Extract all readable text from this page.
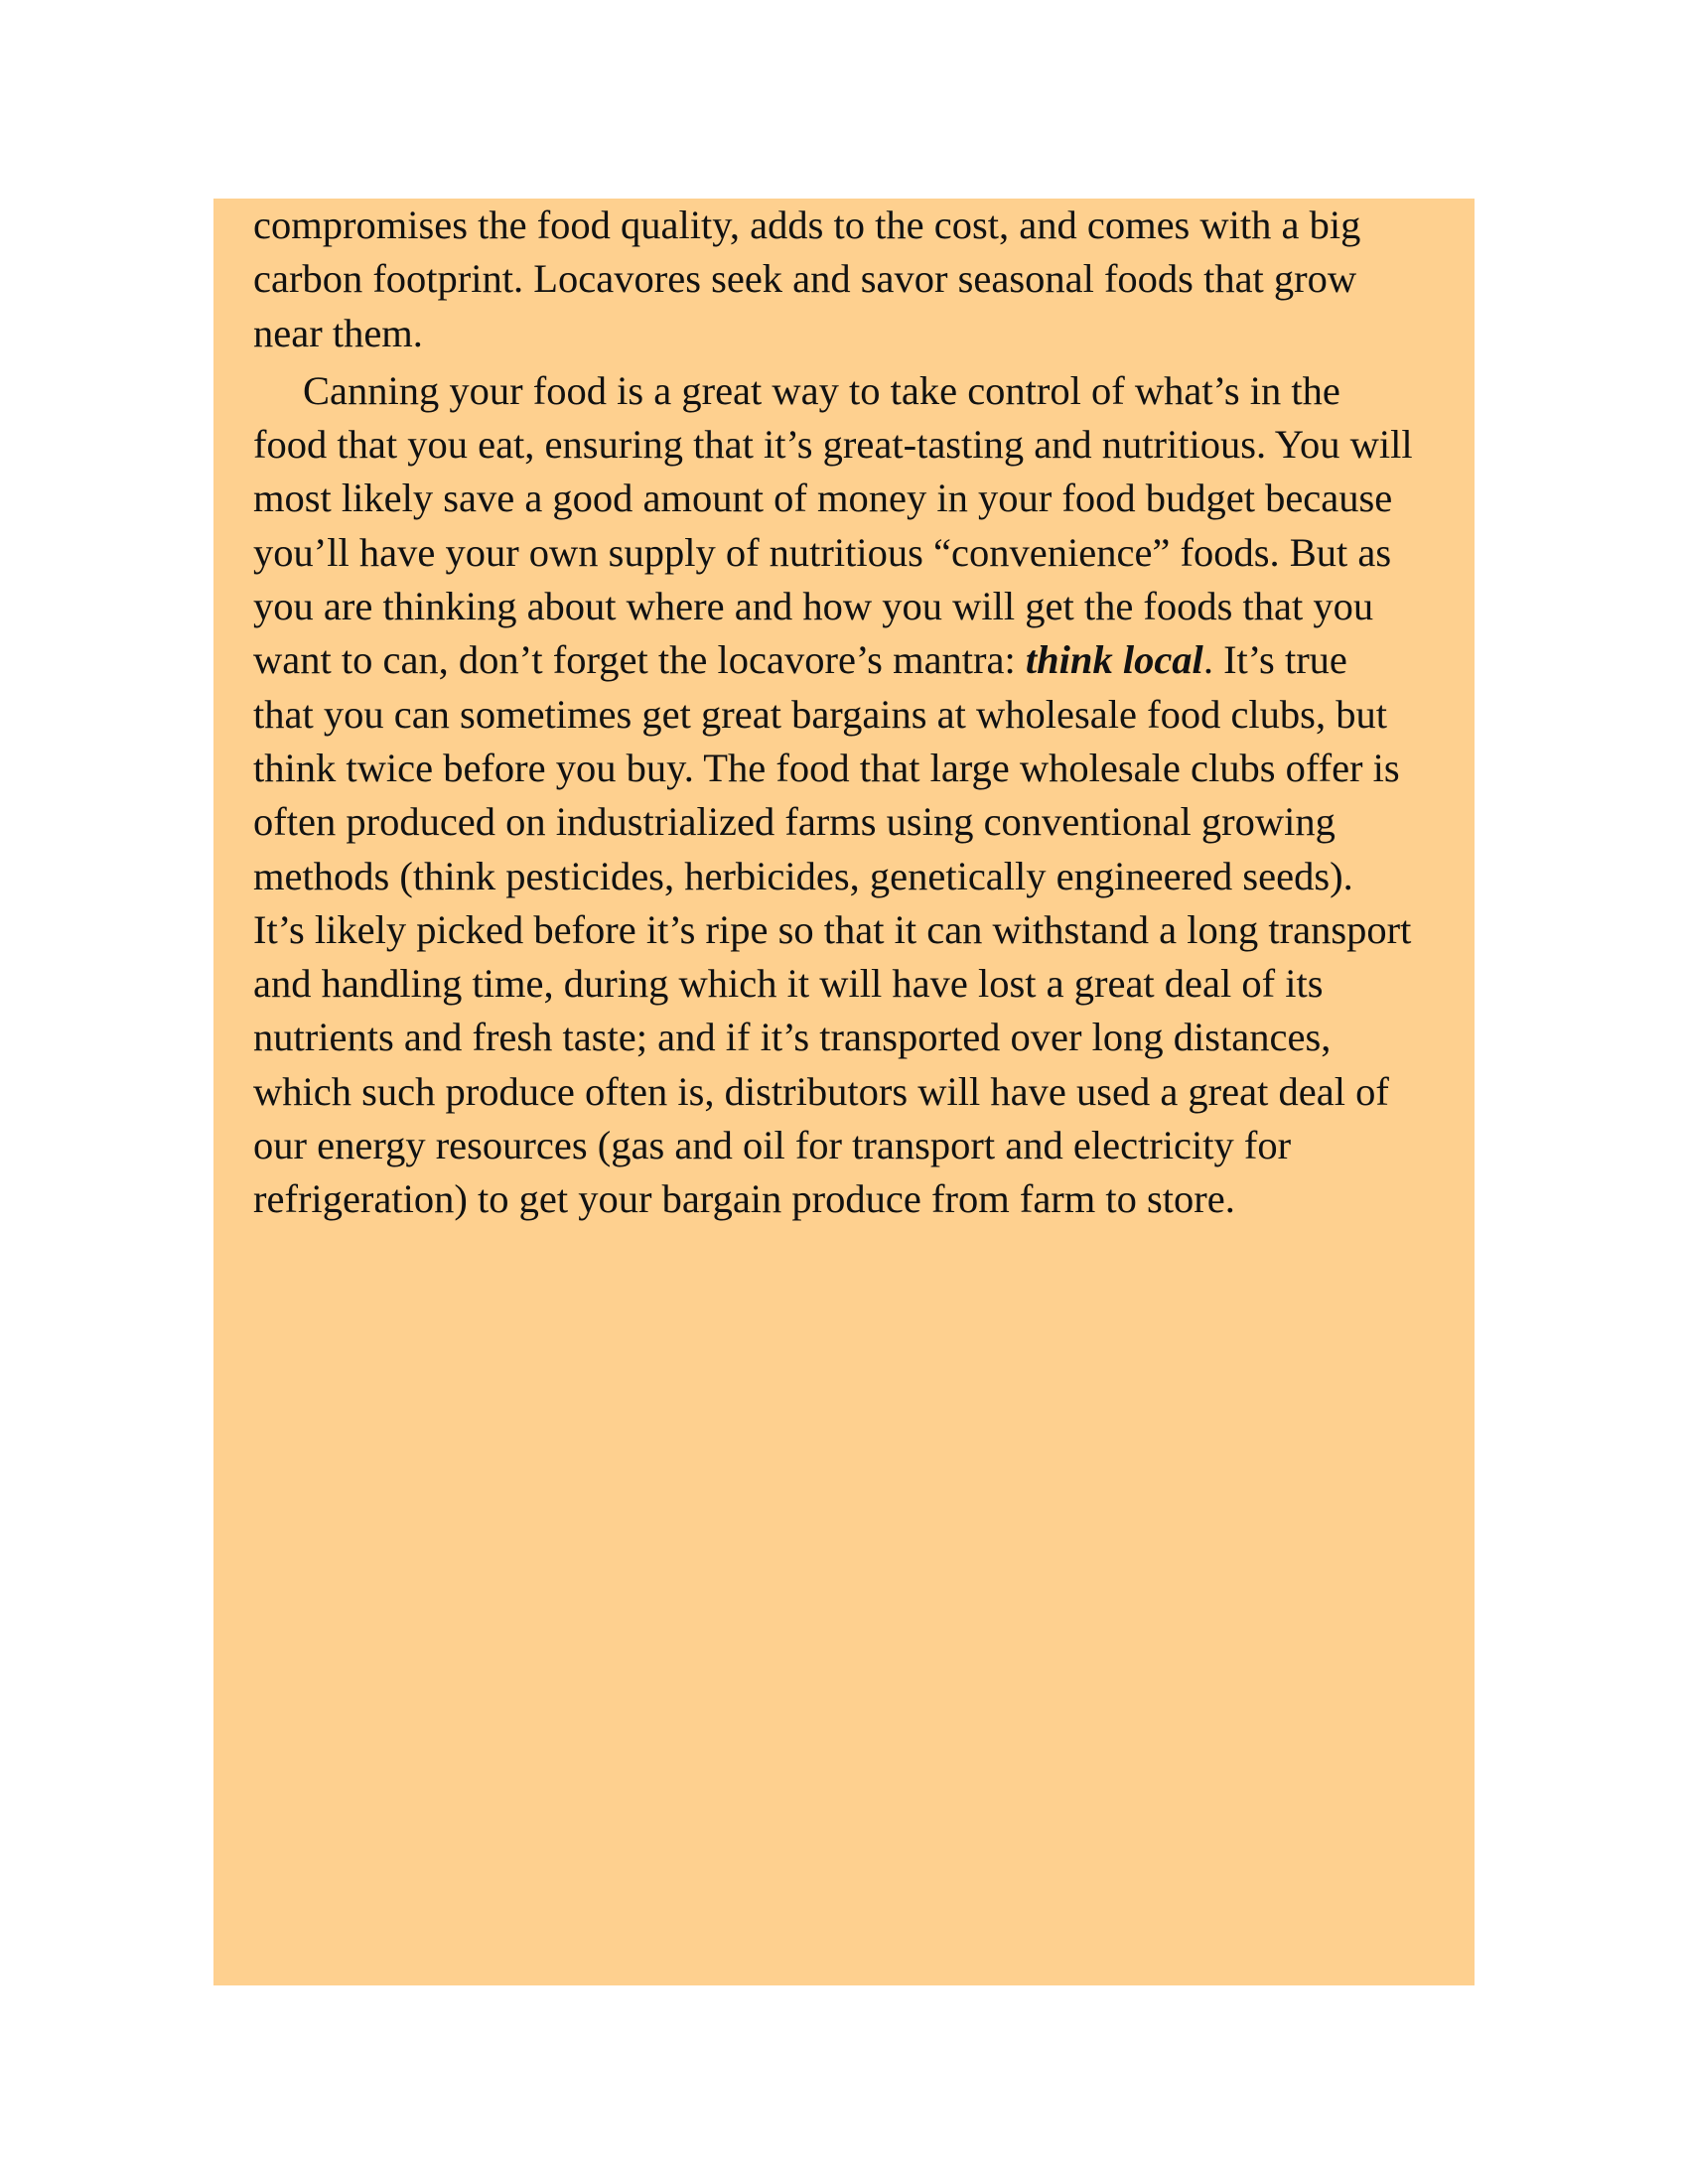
compromises the food quality, adds to the cost, and comes with a big carbon footprint. Locavores seek and savor seasonal foods that grow near them.

Canning your food is a great way to take control of what’s in the food that you eat, ensuring that it’s great-tasting and nutritious. You will most likely save a good amount of money in your food budget because you’ll have your own supply of nutritious “convenience” foods. But as you are thinking about where and how you will get the foods that you want to can, don’t forget the locavore’s mantra: think local. It’s true that you can sometimes get great bargains at wholesale food clubs, but think twice before you buy. The food that large wholesale clubs offer is often produced on industrialized farms using conventional growing methods (think pesticides, herbicides, genetically engineered seeds). It’s likely picked before it’s ripe so that it can withstand a long transport and handling time, during which it will have lost a great deal of its nutrients and fresh taste; and if it’s transported over long distances, which such produce often is, distributors will have used a great deal of our energy resources (gas and oil for transport and electricity for refrigeration) to get your bargain produce from farm to store.
